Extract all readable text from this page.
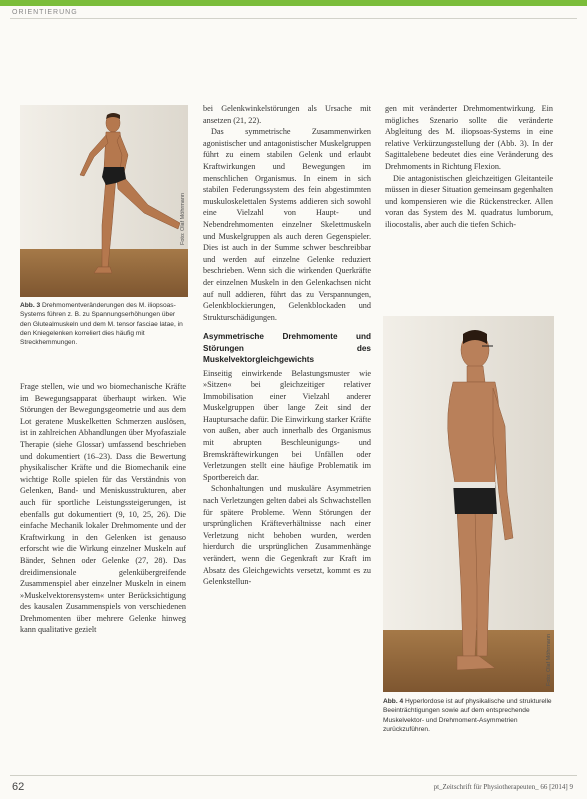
ORIENTIERUNG
Foto: Olaf Möhrmann
Abb. 3 Drehmomentveränderungen des M. iliopsoas-Systems führen z. B. zu Spannungserhöhungen über den Glutealmuskeln und dem M. tensor fasciae latae, in den Kniegelenken korreliert dies häufig mit Streckhemmungen.

Frage stellen, wie und wo biomechanische Kräfte im Bewegungsapparat überhaupt wirken. Wie Störungen der Bewegungsgeometrie und aus dem Lot geratene Muskelketten Schmerzen auslösen, ist in zahlreichen Abhandlungen über Myofasziale Therapie (siehe Glossar) umfassend beschrieben und dokumentiert (16–23). Dass die Bewertung physikalischer Kräfte und die Biomechanik eine wichtige Rolle spielen für das Verständnis von Gelenken, Band- und Meniskusstrukturen, aber auch für sportliche Leistungssteigerungen, ist ebenfalls gut dokumentiert (9, 10, 25, 26). Die einfache Mechanik lokaler Drehmomente und der Kraftwirkung in den Gelenken ist genauso erforscht wie die Wirkung einzelner Muskeln auf Bänder, Sehnen oder Gelenke (27, 28). Das dreidimensionale gelenkübergreifende Zusammenspiel aber einzelner Muskeln in einem »Muskelvektorensystem« unter Berücksichtigung des kausalen Zusammenspiels von verschiedenen Drehmomenten über mehrere Gelenke hinweg kann qualitative gezielt

bei Gelenkwinkelstörungen als Ursache mit ansetzen (21, 22).

Das symmetrische Zusammenwirken agonistischer und antagonistischer Muskelgruppen führt zu einem stabilen Gelenk und erlaubt Kraftwirkungen und Bewegungen im menschlichen Organismus. In einem in sich stabilen Federungssystem des fein abgestimmten muskuloskelettalen Systems addieren sich sowohl eine Vielzahl von Haupt- und Nebendrehmomenten einzelner Skelettmuskeln und Muskelgruppen als auch deren Gegenspieler. Dies ist auch in der Summe schwer beschreibbar und werden auf einzelne Gelenke reduziert beschrieben. Wenn sich die wirkenden Querkräfte der einzelnen Muskeln in den Gelenkachsen nicht auf null addieren, führt das zu Verspannungen, Gelenkblockierungen, Gelenkblockaden und Strukturschädigungen.

Asymmetrische Drehmomente und Störungen des Muskelvektorgleichgewichts

Einseitig einwirkende Belastungsmuster wie »Sitzen« bei gleichzeitiger relativer Immobilisation einer Vielzahl anderer Muskelgruppen über lange Zeit sind der Hauptursache dafür. Die Einwirkung starker Kräfte von außen, aber auch innerhalb des Organismus mit abrupten Beschleunigungs- und Bremskräftewirkungen bei Unfällen oder Verletzungen stellt eine häufige Problematik im Sportbereich dar.

Schonhaltungen und muskuläre Asymmetrien nach Verletzungen gelten dabei als Schwachstellen für spätere Probleme. Wenn Störungen der ursprünglichen Kräfteverhältnisse nach einer Verletzung nicht behoben wurden, werden hierdurch die ursprünglichen Zusammenhänge verändert, wenn die Gegenkraft zur Kraft im Absatz des Gleichgewichts versetzt, kommt es zu Gelenkstellun-

gen mit veränderter Drehmomentwirkung. Ein mögliches Szenario sollte die veränderte Abgleitung des M. iliopsoas-Systems in eine relative Verkürzungsstellung der (Abb. 3). In der Sagittalebene bedeutet dies eine Veränderung des Drehmoments in Richtung Flexion.

Die antagonistischen gleichzeitigen Gleitanteile müssen in dieser Situation gemeinsam gegenhalten und kompensieren wie die Rückenstrecker. Allen voran das System des M. quadratus lumborum, iliocostalis, aber auch die tiefen Schich-

Foto: Olaf Möhrmann
Abb. 4 Hyperlordose ist auf physikalische und strukturelle Beeinträchtigungen sowie auf dem entsprechende Muskelvektor- und Drehmoment-Asymmetrien zurückzuführen.
62	pt_Zeitschrift für Physiotherapeuten_ 66 [2014] 9
